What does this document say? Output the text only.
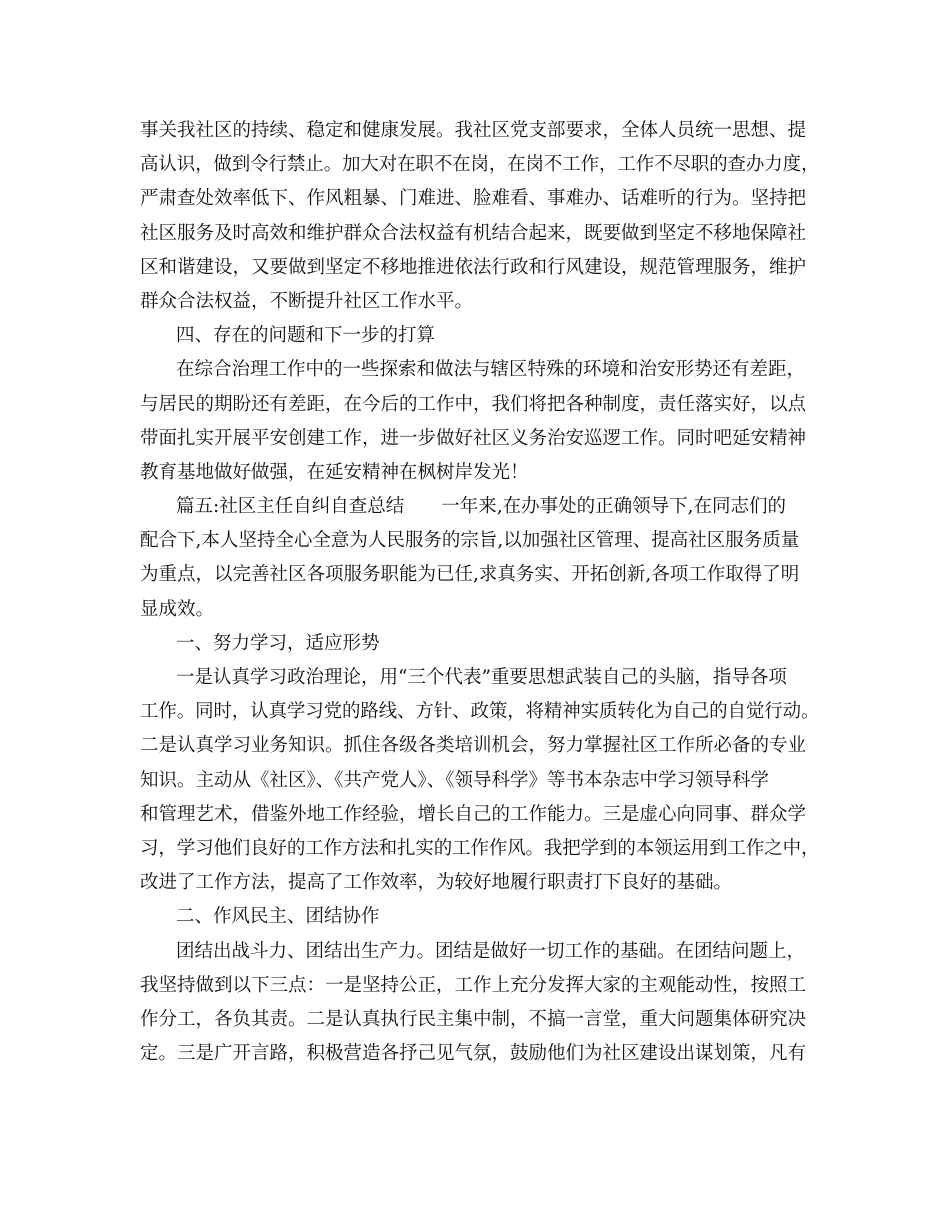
事关我社区的持续、稳定和健康发展。我社区党支部要求，全体人员统一思想、提
高认识，做到令行禁止。加大对在职不在岗，在岗不工作，工作不尽职的查办力度，
严肃查处效率低下、作风粗暴、门难进、脸难看、事难办、话难听的行为。坚持把
社区服务及时高效和维护群众合法权益有机结合起来，既要做到坚定不移地保障社
区和谐建设，又要做到坚定不移地推进依法行政和行风建设，规范管理服务，维护
群众合法权益，不断提升社区工作水平。
四、存在的问题和下一步的打算
在综合治理工作中的一些探索和做法与辖区特殊的环境和治安形势还有差距，
与居民的期盼还有差距，在今后的工作中，我们将把各种制度，责任落实好，以点
带面扎实开展平安创建工作，进一步做好社区义务治安巡逻工作。同时吧延安精神
教育基地做好做强，在延安精神在枫树岸发光！
篇五:社区主任自纠自查总结　　一年来,在办事处的正确领导下,在同志们的
配合下,本人坚持全心全意为人民服务的宗旨,以加强社区管理、提高社区服务质量
为重点，以完善社区各项服务职能为已任,求真务实、开拓创新,各项工作取得了明
显成效。
一、努力学习，适应形势
一是认真学习政治理论，用“三个代表”重要思想武装自己的头脑，指导各项
工作。同时，认真学习党的路线、方针、政策，将精神实质转化为自己的自觉行动。
二是认真学习业务知识。抓住各级各类培训机会，努力掌握社区工作所必备的专业
知识。主动从《社区》、《共产党人》、《领导科学》等书本杂志中学习领导科学
和管理艺术，借鉴外地工作经验，增长自己的工作能力。三是虚心向同事、群众学
习，学习他们良好的工作方法和扎实的工作作风。我把学到的本领运用到工作之中，
改进了工作方法，提高了工作效率，为较好地履行职责打下良好的基础。
二、作风民主、团结协作
团结出战斗力、团结出生产力。团结是做好一切工作的基础。在团结问题上，
我坚持做到以下三点：一是坚持公正，工作上充分发挥大家的主观能动性，按照工
作分工，各负其责。二是认真执行民主集中制，不搞一言堂，重大问题集体研究决
定。三是广开言路，积极营造各抒己见气氛，鼓励他们为社区建设出谋划策，凡有
